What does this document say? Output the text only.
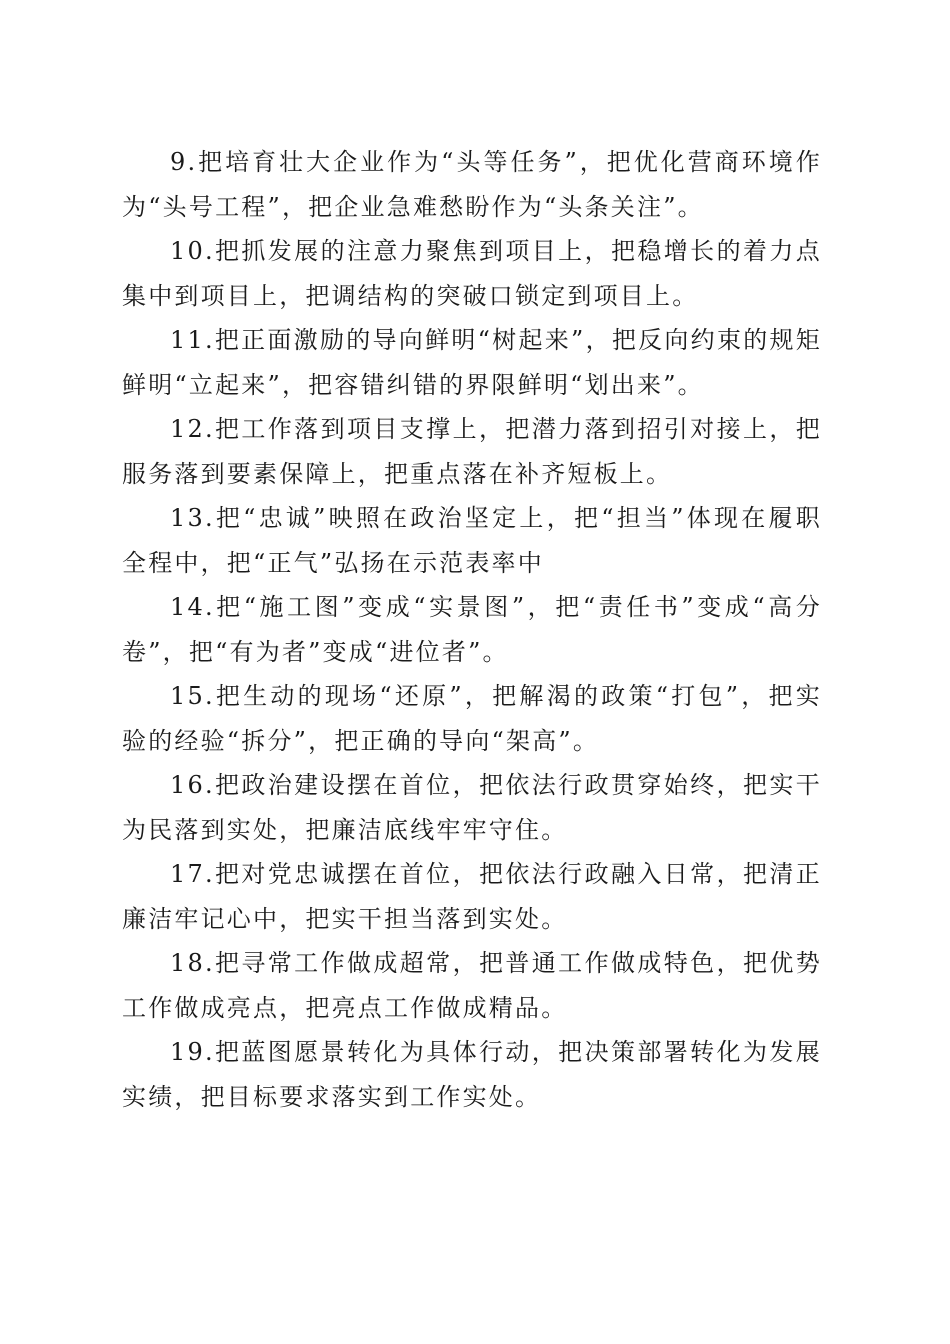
9.把培育壮大企业作为“头等任务”，把优化营商环境作为“头号工程”，把企业急难愁盼作为“头条关注”。

10.把抓发展的注意力聚焦到项目上，把稳增长的着力点集中到项目上，把调结构的突破口锁定到项目上。

11.把正面激励的导向鲜明“树起来”，把反向约束的规矩鲜明“立起来”，把容错纠错的界限鲜明“划出来”。

12.把工作落到项目支撑上，把潜力落到招引对接上，把服务落到要素保障上，把重点落在补齐短板上。

13.把“忠诚”映照在政治坚定上，把“担当”体现在履职全程中，把“正气”弘扬在示范表率中

14.把“施工图”变成“实景图”，把“责任书”变成“高分卷”，把“有为者”变成“进位者”。

15.把生动的现场“还原”，把解渴的政策“打包”，把实验的经验“拆分”，把正确的导向“架高”。

16.把政治建设摆在首位，把依法行政贯穿始终，把实干为民落到实处，把廉洁底线牢牢守住。

17.把对党忠诚摆在首位，把依法行政融入日常，把清正廉洁牢记心中，把实干担当落到实处。

18.把寻常工作做成超常，把普通工作做成特色，把优势工作做成亮点，把亮点工作做成精品。

19.把蓝图愿景转化为具体行动，把决策部署转化为发展实绩，把目标要求落实到工作实处。
